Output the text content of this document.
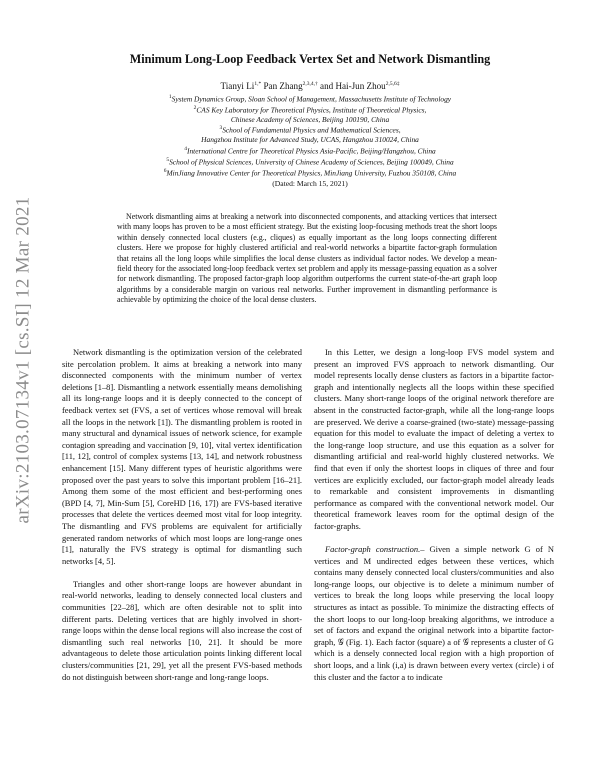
arXiv:2103.07134v1 [cs.SI] 12 Mar 2021
Minimum Long-Loop Feedback Vertex Set and Network Dismantling
Tianyi $Li^{1,*}$ Pan Zhang$^{2,3,4,\dagger}$ and Hai-Jun Zhou$^{2,5,6\ddagger}$
$^1$System Dynamics Group, Sloan School of Management, Massachusetts Institute of Technology
$^2$CAS Key Laboratory for Theoretical Physics, Institute of Theoretical Physics,
Chinese Academy of Sciences, Beijing 100190, China
$^3$School of Fundamental Physics and Mathematical Sciences,
Hangzhou Institute for Advanced Study, UCAS, Hangzhou 310024, China
$^4$International Centre for Theoretical Physics Asia-Pacific, Beijing/Hangzhou, China
$^5$School of Physical Sciences, University of Chinese Academy of Sciences, Beijing 100049, China
$^6$MinJiang Innovative Center for Theoretical Physics, MinJiang University, Fuzhou 350108, China
(Dated: March 15, 2021)

Network dismantling aims at breaking a network into disconnected components, and attacking vertices that intersect with many loops has proven to be a most efficient strategy. But the existing loop-focusing methods treat the short loops within densely connected local clusters (e.g., cliques) as equally important as the long loops connecting different clusters. Here we propose for highly clustered artificial and real-world networks a bipartite factor-graph formulation that retains all the long loops while simplifies the local dense clusters as individual factor nodes. We develop a mean-field theory for the associated long-loop feedback vertex set problem and apply its message-passing equation as a solver for network dismantling. The proposed factor-graph loop algorithm outperforms the current state-of-the-art graph loop algorithms by a considerable margin on various real networks. Further improvement in dismantling performance is achievable by optimizing the choice of the local dense clusters.

Network dismantling is the optimization version of the celebrated site percolation problem. It aims at breaking a network into many disconnected components with the minimum number of vertex deletions [1–8]. Dismantling a network essentially means demolishing all its long-range loops and it is deeply connected to the concept of feedback vertex set (FVS, a set of vertices whose removal will break all the loops in the network [1]). The dismantling problem is rooted in many structural and dynamical issues of network science, for example contagion spreading and vaccination [9, 10], vital vertex identification [11, 12], control of complex systems [13, 14], and network robustness enhancement [15]. Many different types of heuristic algorithms were proposed over the past years to solve this important problem [16–21]. Among them some of the most efficient and best-performing ones (BPD [4, 7], Min-Sum [5], CoreHD [16, 17]) are FVS-based iterative processes that delete the vertices deemed most vital for loop integrity. The dismantling and FVS problems are equivalent for artificially generated random networks of which most loops are long-range ones [1], naturally the FVS strategy is optimal for dismantling such networks [4, 5].

Triangles and other short-range loops are however abundant in real-world networks, leading to densely connected local clusters and communities [22–28], which are often desirable not to split into different parts. Deleting vertices that are highly involved in short-range loops within the dense local regions will also increase the cost of dismantling such real networks [10, 21]. It should be more advantageous to delete those articulation points linking different local clusters/communities [21, 29], yet all the present FVS-based methods do not distinguish between short-range and long-range loops.

In this Letter, we design a long-loop FVS model system and present an improved FVS approach to network dismantling. Our model represents locally dense clusters as factors in a bipartite factor-graph and intentionally neglects all the loops within these specified clusters. Many short-range loops of the original network therefore are absent in the constructed factor-graph, while all the long-range loops are preserved. We derive a coarse-grained (two-state) message-passing equation for this model to evaluate the impact of deleting a vertex to the long-range loop structure, and use this equation as a solver for dismantling artificial and real-world highly clustered networks. We find that even if only the shortest loops in cliques of three and four vertices are explicitly excluded, our factor-graph model already leads to remarkable and consistent improvements in dismantling performance as compared with the conventional network model. Our theoretical framework leaves room for the optimal design of the factor-graphs.

Factor-graph construction.– Given a simple network G of N vertices and M undirected edges between these vertices, which contains many densely connected local clusters/communities and also long-range loops, our objective is to delete a minimum number of vertices to break the long loops while preserving the local loopy structures as intact as possible. To minimize the distracting effects of the short loops to our long-loop breaking algorithms, we introduce a set of factors and expand the original network into a bipartite factor-graph, 𝒢 (Fig. 1). Each factor (square) a of 𝒢 represents a cluster of G which is a densely connected local region with a high proportion of short loops, and a link (i,a) is drawn between every vertex (circle) i of this cluster and the factor a to indicate
